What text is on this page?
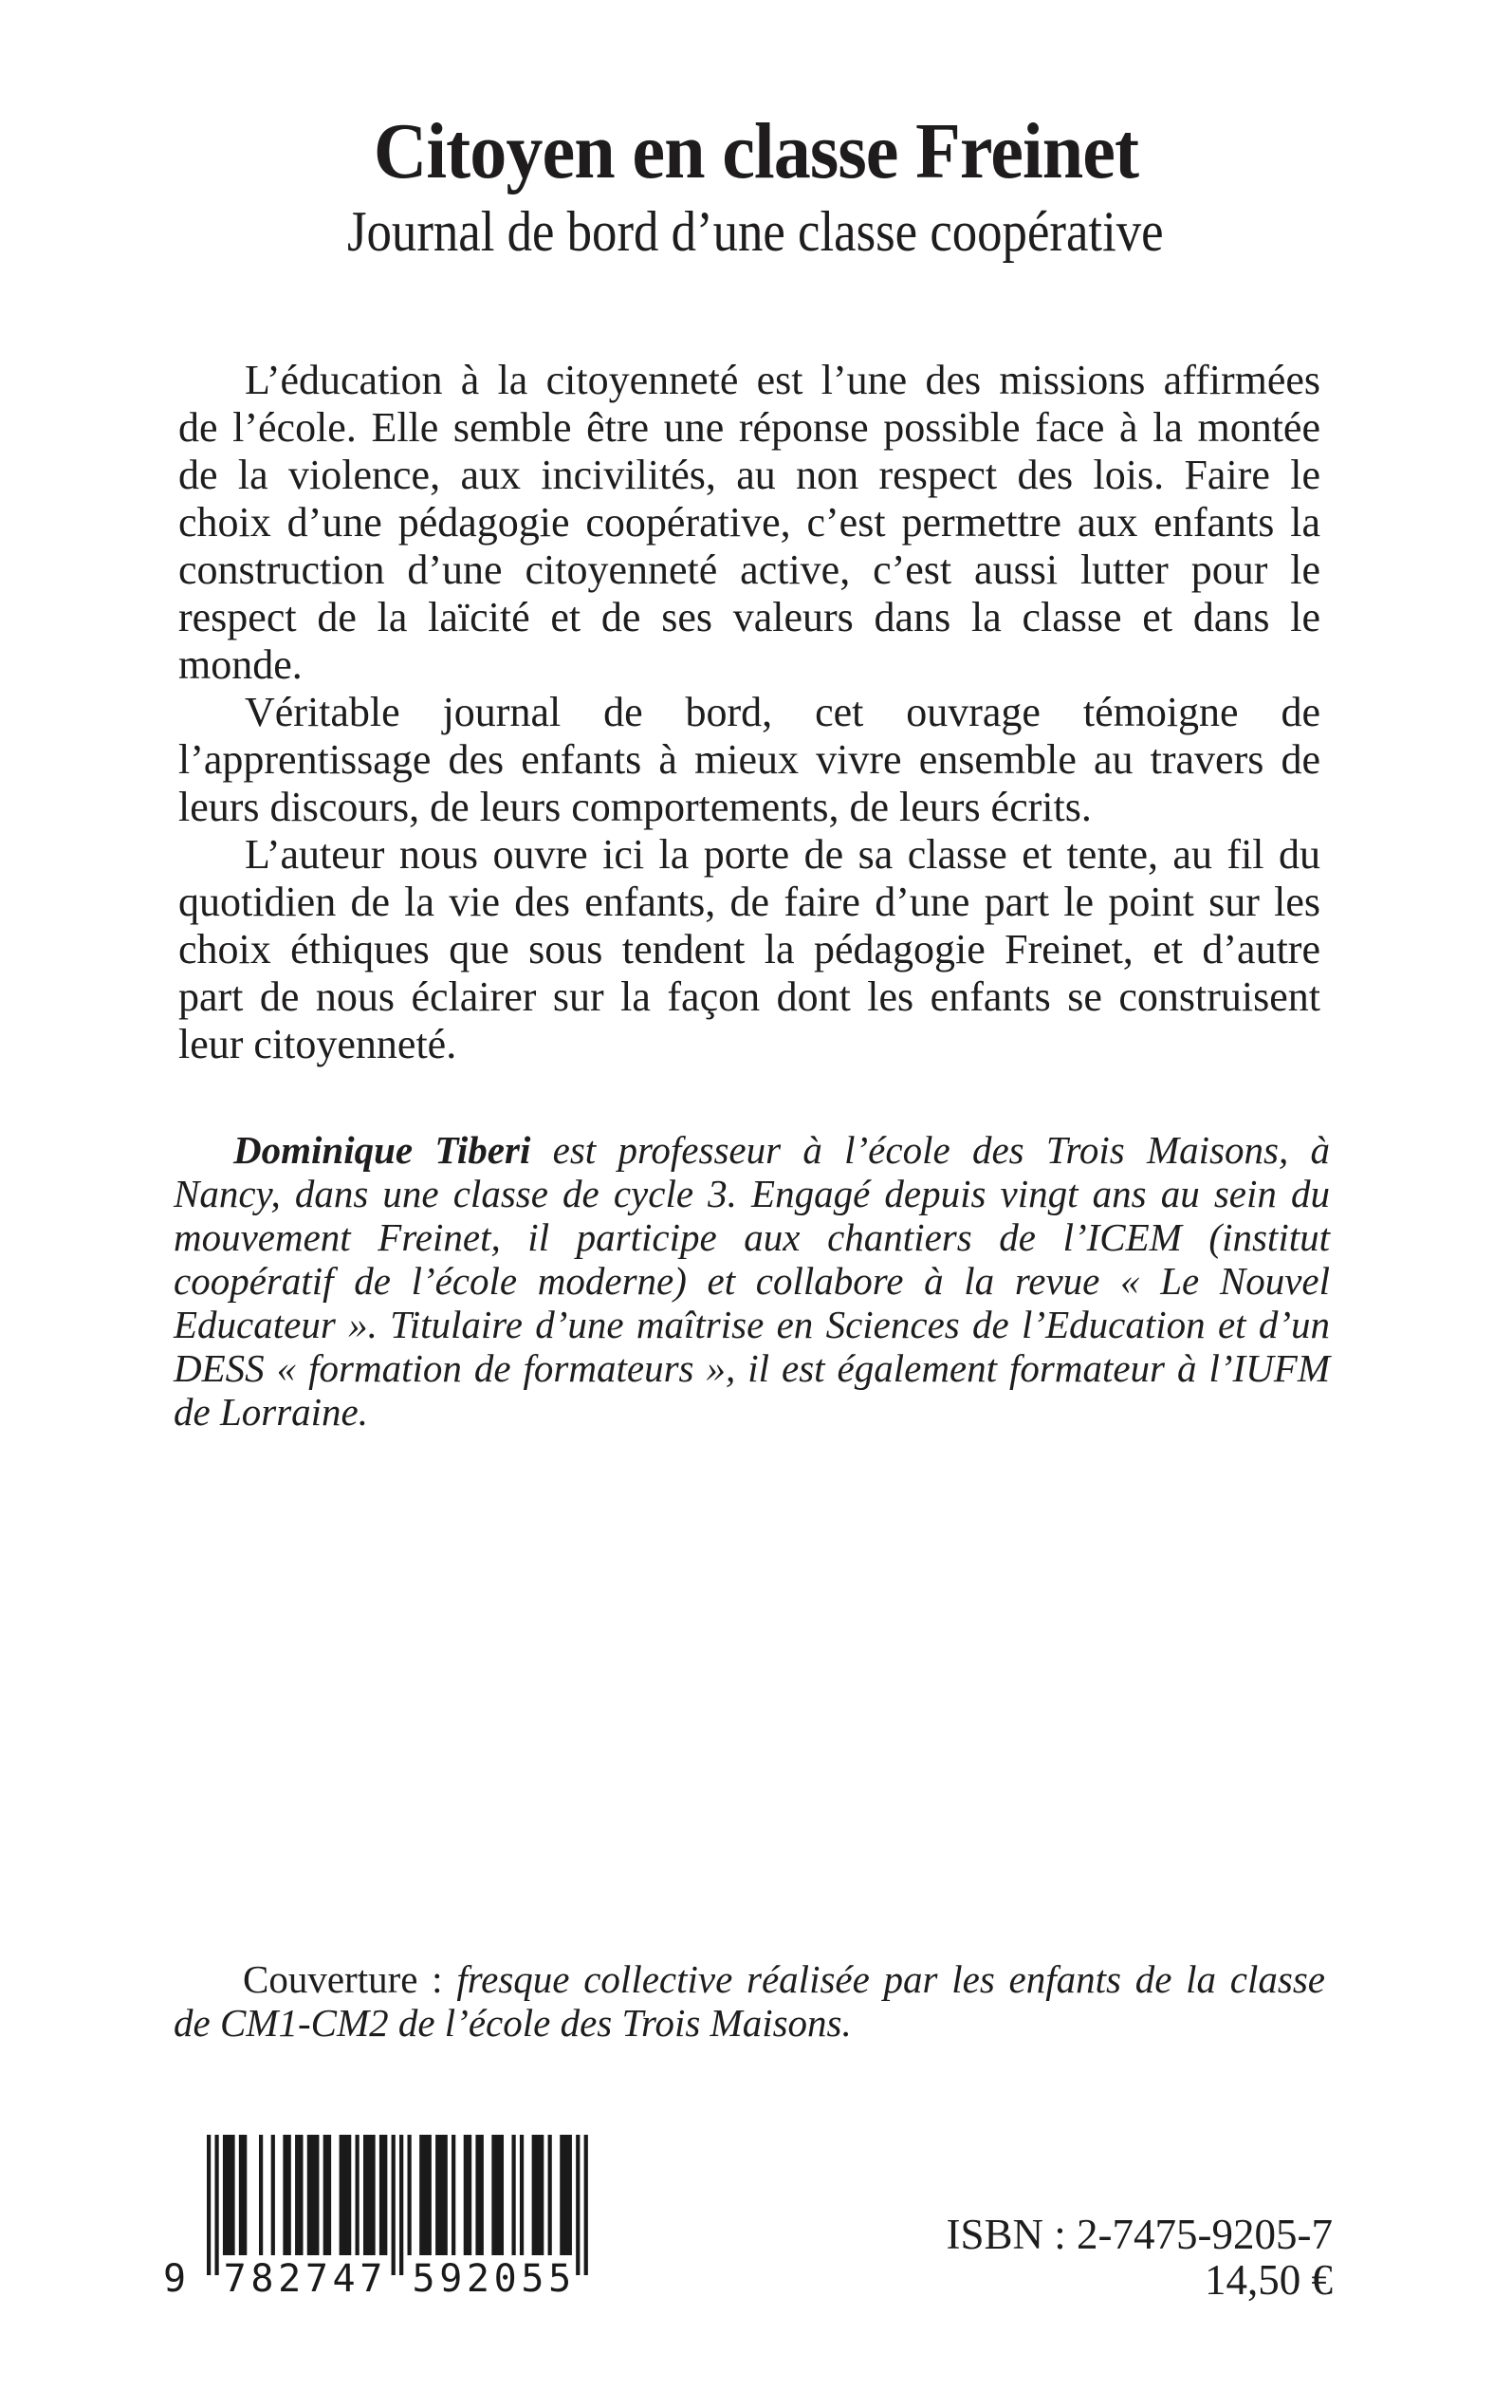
Citoyen en classe Freinet
Journal de bord d’une classe coopérative
L’éducation à la citoyenneté est l’une des missions affirmées
de l’école. Elle semble être une réponse possible face à la montée
de la violence, aux incivilités, au non respect des lois. Faire le
choix d’une pédagogie coopérative, c’est permettre aux enfants la
construction d’une citoyenneté active, c’est aussi lutter pour le
respect de la laïcité et de ses valeurs dans la classe et dans le
monde.
Véritable journal de bord, cet ouvrage témoigne de
l’apprentissage des enfants à mieux vivre ensemble au travers de
leurs discours, de leurs comportements, de leurs écrits.
L’auteur nous ouvre ici la porte de sa classe et tente, au fil du
quotidien de la vie des enfants, de faire d’une part le point sur les
choix éthiques que sous tendent la pédagogie Freinet, et d’autre
part de nous éclairer sur la façon dont les enfants se construisent
leur citoyenneté.
Dominique Tiberi est professeur à l’école des Trois Maisons, à
Nancy, dans une classe de cycle 3. Engagé depuis vingt ans au sein du
mouvement Freinet, il participe aux chantiers de l’ICEM (institut
coopératif de l’école moderne) et collabore à la revue « Le Nouvel
Educateur ». Titulaire d’une maîtrise en Sciences de l’Education et d’un
DESS « formation de formateurs », il est également formateur à l’IUFM
de Lorraine.
Couverture : fresque collective réalisée par les enfants de la classe
de CM1-CM2 de l’école des Trois Maisons.
9 782747 592055
ISBN : 2-7475-9205-7
14,50 €
